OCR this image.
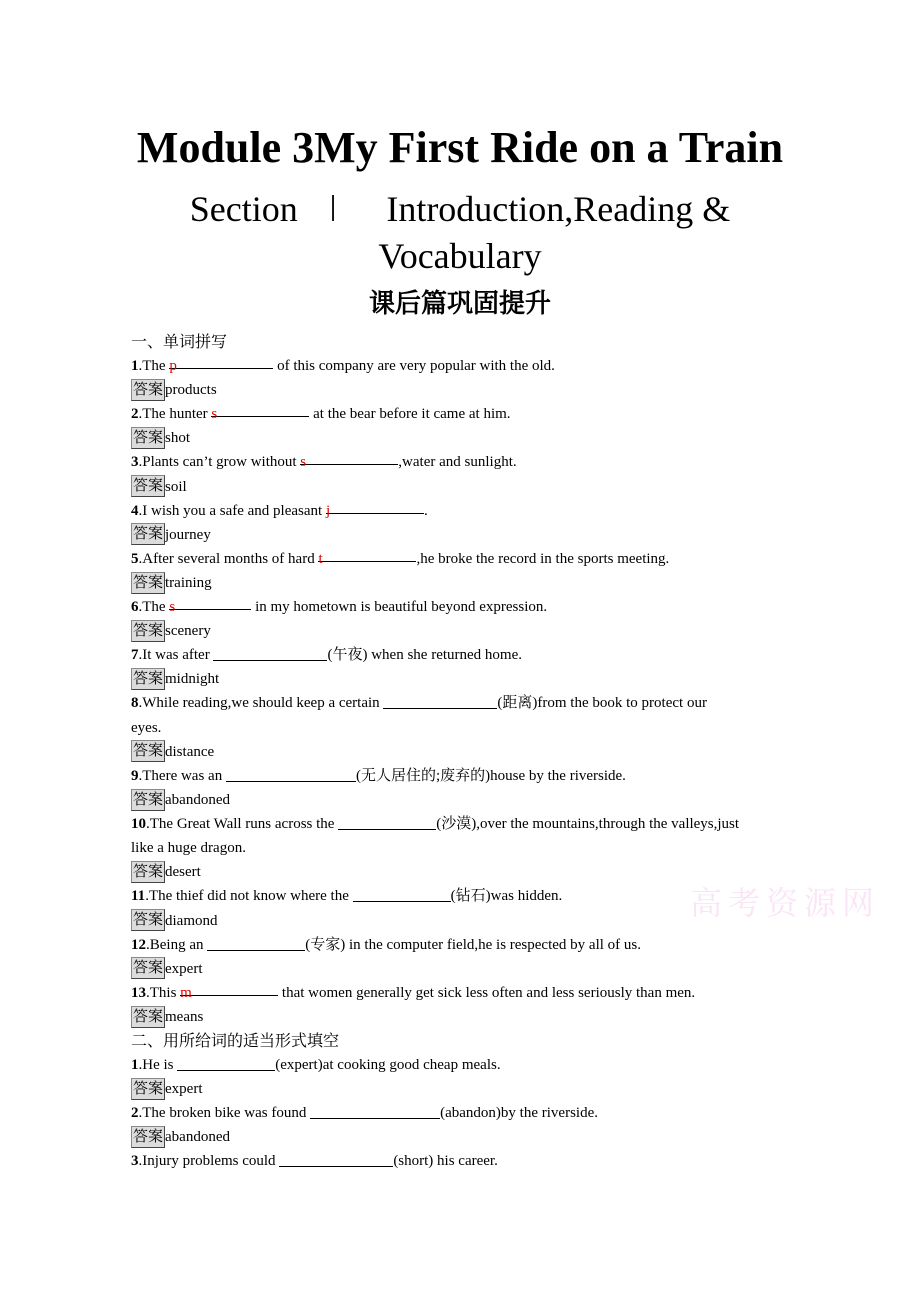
Module 3My First Ride on a Train
Section Ⅰ Introduction,Reading &
Vocabulary
课后篇巩固提升
高考资源网
一、单词拼写
1.The p	of this company are very popular with the old.
答案 products
2.The hunter s	at the bear before it came at him.
答案 shot
3.Plants can’t grow without s	,water and sunlight.
答案 soil
4.I wish you a safe and pleasant j	.
答案 journey
5.After several months of hard t	,he broke the record in the sports meeting.
答案 training
6.The s	in my hometown is beautiful beyond expression.
答案 scenery
7.It was after	(午夜) when she returned home.
答案 midnight
8.While reading,we should keep a certain	(距离)from the book to protect our
eyes.
答案 distance
9.There was an	(无人居住的;废弃的)house by the riverside.
答案 abandoned
10.The Great Wall runs across the	(沙漠),over the mountains,through the valleys,just
like a huge dragon.
答案 desert
11.The thief did not know where the	(钻石)was hidden.
答案 diamond
12.Being an	(专家) in the computer field,he is respected by all of us.
答案 expert
13.This m	that women generally get sick less often and less seriously than men.
答案 means
二、用所给词的适当形式填空
1.He is	(expert)at cooking good cheap meals.
答案 expert
2.The broken bike was found	(abandon)by the riverside.
答案 abandoned
3.Injury problems could	(short) his career.
